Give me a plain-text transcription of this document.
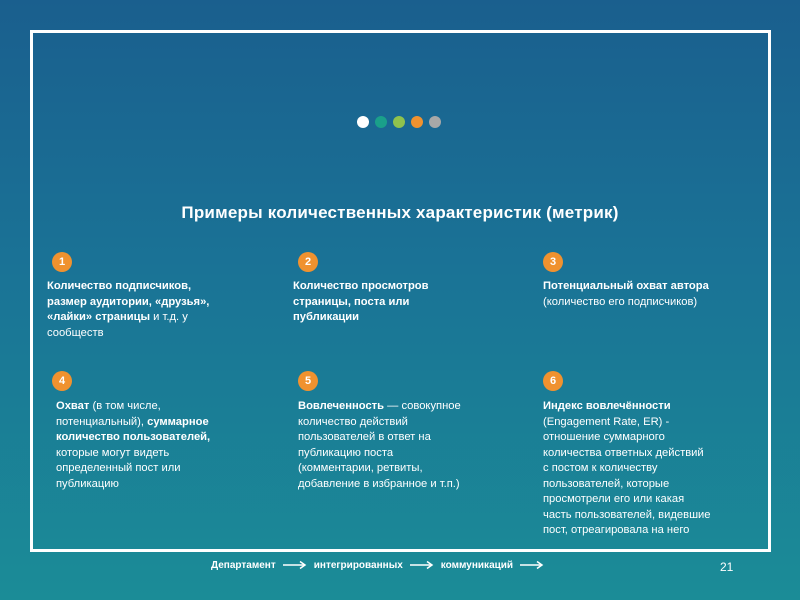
Примеры количественных характеристик (метрик)
1
Количество подписчиков,
размер аудитории, «друзья»,
«лайки» страницы и т.д. у
сообществ
2
Количество просмотров
страницы, поста или
публикации
3
Потенциальный охват автора
(количество его подписчиков)
4
Охват (в том числе,
потенциальный), суммарное
количество пользователей,
которые могут видеть
определенный пост или
публикацию
5
Вовлеченность — совокупное
количество действий
пользователей в ответ на
публикацию поста
(комментарии, ретвиты,
добавление в избранное и т.п.)
6
Индекс вовлечённости
(Engagement Rate, ER) -
отношение суммарного
количества ответных действий
с постом к количеству
пользователей, которые
просмотрели его или какая
часть пользователей, видевшие
пост, отреагировала на него
Департамент	интегрированных	коммуникаций	21
